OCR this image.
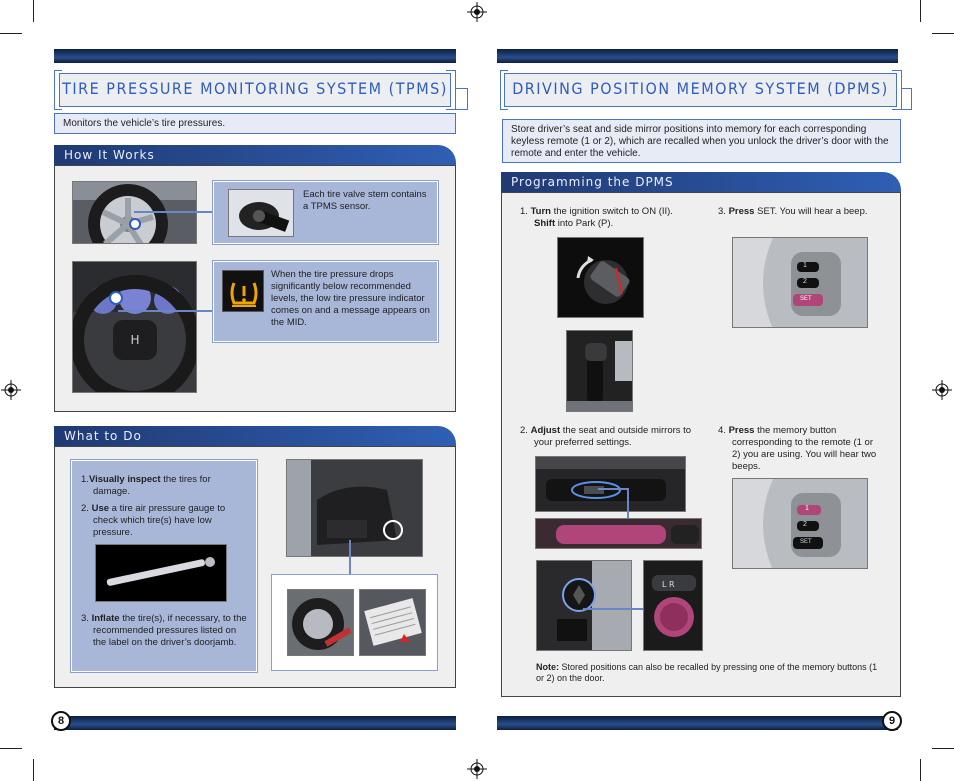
TIRE PRESSURE MONITORING SYSTEM (TPMS)
Monitors the vehicle’s tire pressures.
How It Works
Each tire valve stem contains a TPMS sensor.
H
When the tire pressure drops significantly below recommended levels, the low tire pressure indicator comes on and a message appears on the MID.
What to Do
1.Visually inspect the tires for damage.
2. Use a tire air pressure gauge to check which tire(s) have low pressure.
3. Inflate the tire(s), if necessary, to the recommended pressures listed on the label on the driver’s doorjamb.
8
DRIVING POSITION MEMORY SYSTEM (DPMS)
Store driver’s seat and side mirror positions into memory for each corresponding keyless remote (1 or 2), which are recalled when you unlock the driver’s door with the remote and enter the vehicle.
Programming the DPMS
1. Turn the ignition switch to ON (II). Shift into Park (P).
3. Press SET. You will hear a beep.
1
2
SET
2. Adjust the seat and outside mirrors to your preferred settings.
L R
4. Press the memory button corresponding to the remote (1 or 2) you are using. You will hear two beeps.
1
2
SET
Note: Stored positions can also be recalled by pressing one of the memory buttons (1 or 2) on the door.
9
